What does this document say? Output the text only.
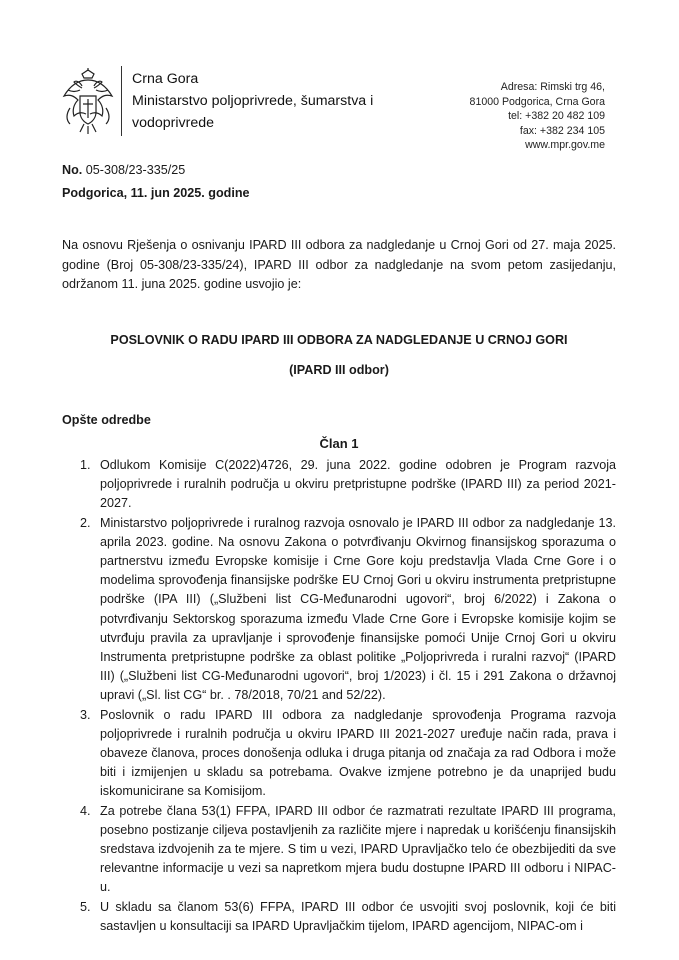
Crna Gora
Ministarstvo poljoprivrede, šumarstva i
vodoprivrede
Adresa: Rimski trg 46,
81000 Podgorica, Crna Gora
tel: +382 20 482 109
fax: +382 234 105
www.mpr.gov.me
No. 05-308/23-335/25
Podgorica, 11. jun 2025. godine

Na osnovu Rješenja o osnivanju IPARD III odbora za nadgledanje u Crnoj Gori od 27. maja 2025. godine (Broj 05-308/23-335/24), IPARD III odbor za nadgledanje na svom petom zasijedanju, održanom 11. juna 2025. godine usvojio je:

POSLOVNIK O RADU IPARD III ODBORA ZA NADGLEDANJE U CRNOJ GORI
(IPARD III odbor)
Opšte odredbe
Član 1
1. Odlukom Komisije C(2022)4726, 29. juna 2022. godine odobren je Program razvoja poljoprivrede i ruralnih područja u okviru pretpristupne podrške (IPARD III) za period 2021-2027.
2. Ministarstvo poljoprivrede i ruralnog razvoja osnovalo je IPARD III odbor za nadgledanje 13. aprila 2023. godine. Na osnovu Zakona o potvrđivanju Okvirnog finansijskog sporazuma o partnerstvu između Evropske komisije i Crne Gore koju predstavlja Vlada Crne Gore i o modelima sprovođenja finansijske podrške EU Crnoj Gori u okviru instrumenta pretpristupne podrške (IPA III) („Službeni list CG-Međunarodni ugovori“, broj 6/2022) i Zakona o potvrđivanju Sektorskog sporazuma između Vlade Crne Gore i Evropske komisije kojim se utvrđuju pravila za upravljanje i sprovođenje finansijske pomoći Unije Crnoj Gori u okviru Instrumenta pretpristupne podrške za oblast politike „Poljoprivreda i ruralni razvoj“ (IPARD III) („Službeni list CG-Međunarodni ugovori“, broj 1/2023) i čl. 15 i 291 Zakona o državnoj upravi („Sl. list CG“ br. . 78/2018, 70/21 and 52/22).
3. Poslovnik o radu IPARD III odbora za nadgledanje sprovođenja Programa razvoja poljoprivrede i ruralnih područja u okviru IPARD III 2021-2027 uređuje način rada, prava i obaveze članova, proces donošenja odluka i druga pitanja od značaja za rad Odbora i može biti i izmijenjen u skladu sa potrebama. Ovakve izmjene potrebno je da unaprijed budu iskomunicirane sa Komisijom.
4. Za potrebe člana 53(1) FFPA, IPARD III odbor će razmatrati rezultate IPARD III programa, posebno postizanje ciljeva postavljenih za različite mjere i napredak u korišćenju finansijskih sredstava izdvojenih za te mjere. S tim u vezi, IPARD Upravljačko telo će obezbijediti da sve relevantne informacije u vezi sa napretkom mjera budu dostupne IPARD III odboru i NIPAC-u.
5. U skladu sa članom 53(6) FFPA, IPARD III odbor će usvojiti svoj poslovnik, koji će biti sastavljen u konsultaciji sa IPARD Upravljačkim tijelom, IPARD agencijom, NIPAC-om i
